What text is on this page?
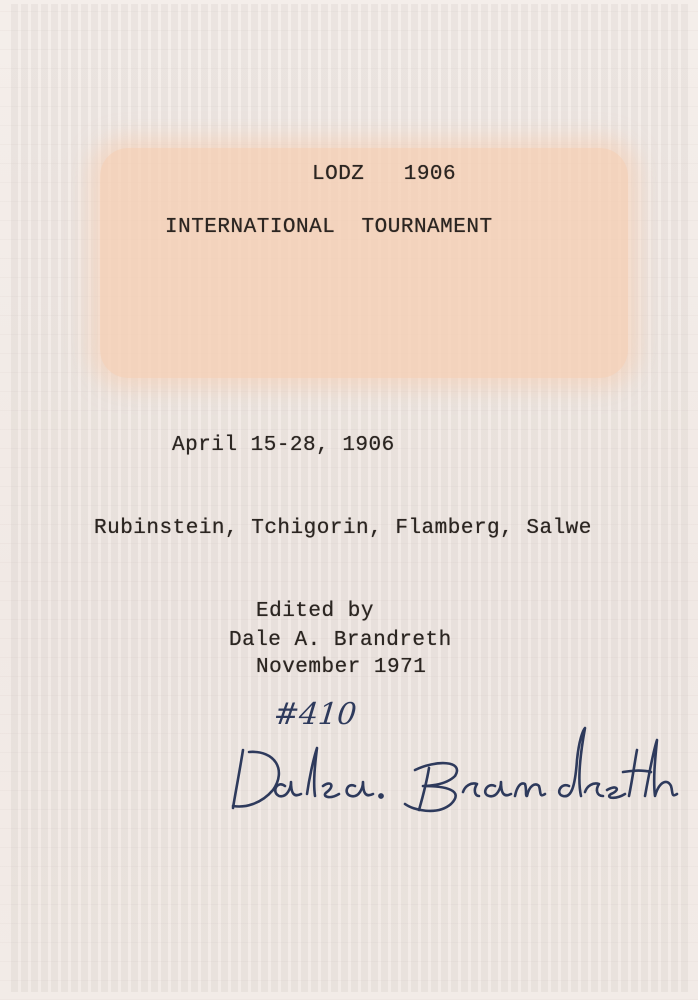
LODZ   1906
INTERNATIONAL  TOURNAMENT
April 15-28, 1906
Rubinstein, Tchigorin, Flamberg, Salwe
Edited by
Dale A. Brandreth
November 1971
#410
